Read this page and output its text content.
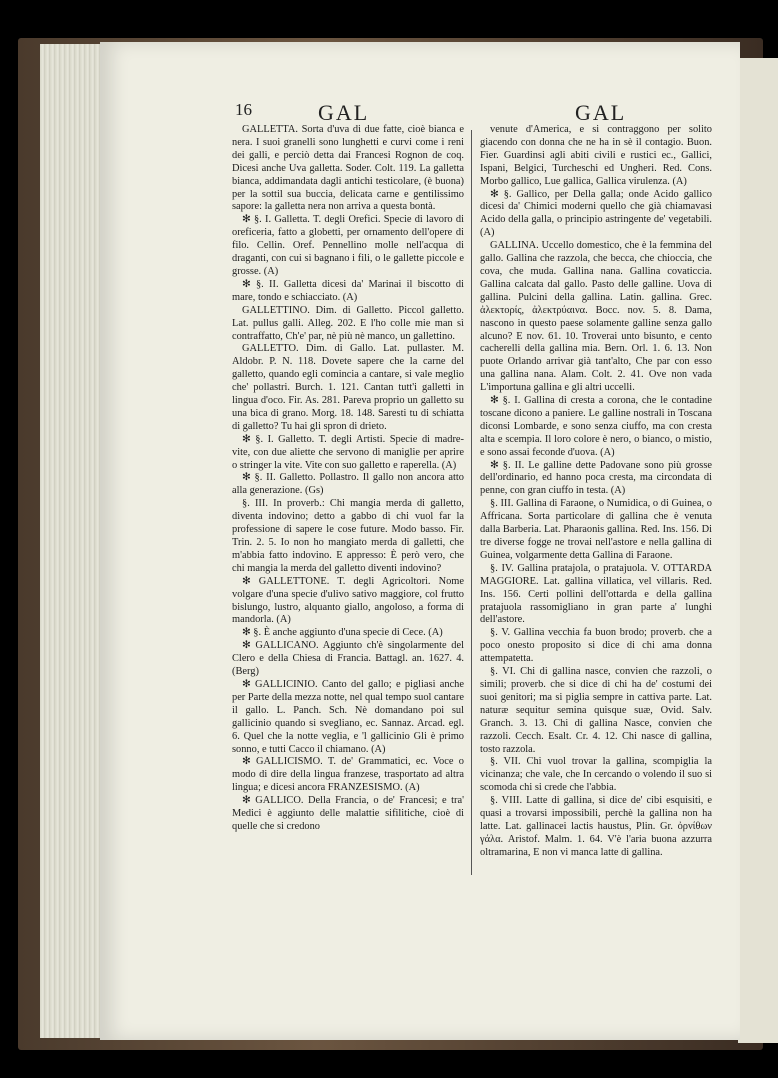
16	GAL	GAL

GALLETTA. Sorta d'uva di due fatte, cioè bianca e nera. I suoi granelli sono lunghetti e curvi come i reni dei galli, e perciò detta dai Francesi Rognon de coq. Dicesi anche Uva galletta. Soder. Colt. 119. La galletta bianca, addimandata dagli antichi testicolare, (è buona) per la sottil sua buccia, delicata carne e gentilissimo sapore: la galletta nera non arriva a questa bontà.

✻ §. I. Galletta. T. degli Orefici. Specie di lavoro di oreficeria, fatto a globetti, per ornamento dell'opere di filo. Cellin. Oref. Pennellino molle nell'acqua di draganti, con cui si bagnano i fili, o le gallette piccole e grosse. (A)

✻ §. II. Galletta dicesi da' Marinai il biscotto di mare, tondo e schiacciato. (A)

GALLETTINO. Dim. di Galletto. Piccol galletto. Lat. pullus galli. Alleg. 202. E l'ho colle mie man sì contraffatto, Ch'e' par, nè più nè manco, un gallettino.

GALLETTO. Dim. di Gallo. Lat. pullaster. M. Aldobr. P. N. 118. Dovete sapere che la carne del galletto, quando egli comincia a cantare, si vale meglio che' pollastri. Burch. 1. 121. Cantan tutt'i galletti in lingua d'oco. Fir. As. 281. Pareva proprio un galletto su una bica di grano. Morg. 18. 148. Saresti tu di schiatta di galletto? Tu hai gli spron di drieto.

✻ §. I. Galletto. T. degli Artisti. Specie di madre-vite, con due aliette che servono di maniglie per aprire o stringer la vite. Vite con suo galletto e raperella. (A)

✻ §. II. Galletto. Pollastro. Il gallo non ancora atto alla generazione. (Gs)

§. III. In proverb.: Chi mangia merda di galletto, diventa indovino; detto a gabbo di chi vuol far la professione di sapere le cose future. Modo basso. Fir. Trin. 2. 5. Io non ho mangiato merda di galletti, che m'abbia fatto indovino. E appresso: È però vero, che chi mangia la merda del galletto diventi indovino?

✻ GALLETTONE. T. degli Agricoltori. Nome volgare d'una specie d'ulivo sativo maggiore, col frutto bislungo, lustro, alquanto giallo, angoloso, a forma di mandorla. (A)

✻ §. È anche aggiunto d'una specie di Cece. (A)

✻ GALLICANO. Aggiunto ch'è singolarmente del Clero e della Chiesa di Francia. Battagl. an. 1627. 4. (Berg)

✻ GALLICINIO. Canto del gallo; e pigliasi anche per Parte della mezza notte, nel qual tempo suol cantare il gallo. L. Panch. Sch. Nè domandano poi sul gallicinio quando si svegliano, ec. Sannaz. Arcad. egl. 6. Quel che la notte veglia, e 'l gallicinio Gli è primo sonno, e tutti Cacco il chiamano. (A)

✻ GALLICISMO. T. de' Grammatici, ec. Voce o modo di dire della lingua franzese, trasportato ad altra lingua; e dicesi ancora FRANZESISMO. (A)

✻ GALLICO. Della Francia, o de' Francesi; e tra' Medici è aggiunto delle malattie sifilitiche, cioè di quelle che si credono

venute d'America, e si contraggono per solito giacendo con donna che ne ha in sè il contagio. Buon. Fier. Guardinsi agli abiti civili e rustici ec., Gallici, Ispani, Belgici, Turcheschi ed Ungheri. Red. Cons. Morbo gallico, Lue gallica, Gallica virulenza. (A)

✻ §. Gallico, per Della galla; onde Acido gallico dicesi da' Chimici moderni quello che già chiamavasi Acido della galla, o principio astringente de' vegetabili. (A)

GALLINA. Uccello domestico, che è la femmina del gallo. Gallina che razzola, che becca, che chioccia, che cova, che muda. Gallina nana. Gallina covaticcia. Gallina calcata dal gallo. Pasto delle galline. Uova di gallina. Pulcini della gallina. Latin. gallina. Grec. ἀλεκτορίς, ἀλεκτρύαινα. Bocc. nov. 5. 8. Dama, nascono in questo paese solamente galline senza gallo alcuno? E nov. 61. 10. Troverai unto bisunto, e cento cacherelli della gallina mia. Bern. Orl. 1. 6. 13. Non puote Orlando arrivar già tant'alto, Che par con esso una gallina nana. Alam. Colt. 2. 41. Ove non vada L'importuna gallina e gli altri uccelli.

✻ §. I. Gallina di cresta a corona, che le contadine toscane dicono a paniere. Le galline nostrali in Toscana diconsi Lombarde, e sono senza ciuffo, ma con cresta alta e scempia. Il loro colore è nero, o bianco, o mistio, e sono assai feconde d'uova. (A)

✻ §. II. Le galline dette Padovane sono più grosse dell'ordinario, ed hanno poca cresta, ma circondata di penne, con gran ciuffo in testa. (A)

§. III. Gallina di Faraone, o Numidica, o di Guinea, o Affricana. Sorta particolare di gallina che è venuta dalla Barberia. Lat. Pharaonis gallina. Red. Ins. 156. Di tre diverse fogge ne trovai nell'astore e nella gallina di Guinea, volgarmente detta Gallina di Faraone.

§. IV. Gallina pratajola, o pratajuola. V. OTTARDA MAGGIORE. Lat. gallina villatica, vel villaris. Red. Ins. 156. Certi pollini dell'ottarda e della gallina pratajuola rassomigliano in gran parte a' lunghi dell'astore.

§. V. Gallina vecchia fa buon brodo; proverb. che a poco onesto proposito si dice di chi ama donna attempatetta.

§. VI. Chi di gallina nasce, convien che razzoli, o simili; proverb. che si dice di chi ha de' costumi dei suoi genitori; ma si piglia sempre in cattiva parte. Lat. naturæ sequitur semina quisque suæ, Ovid. Salv. Granch. 3. 13. Chi di gallina Nasce, convien che razzoli. Cecch. Esalt. Cr. 4. 12. Chi nasce di gallina, tosto razzola.

§. VII. Chi vuol trovar la gallina, scompiglia la vicinanza; che vale, che In cercando o volendo il suo si scomoda chi si crede che l'abbia.

§. VIII. Latte di gallina, si dice de' cibi esquisiti, e quasi a trovarsi impossibili, perchè la gallina non ha latte. Lat. gallinacei lactis haustus, Plin. Gr. ὀρνίθων γάλα. Aristof. Malm. 1. 64. V'è l'aria buona azzurra oltramarina, E non vi manca latte di gallina.
